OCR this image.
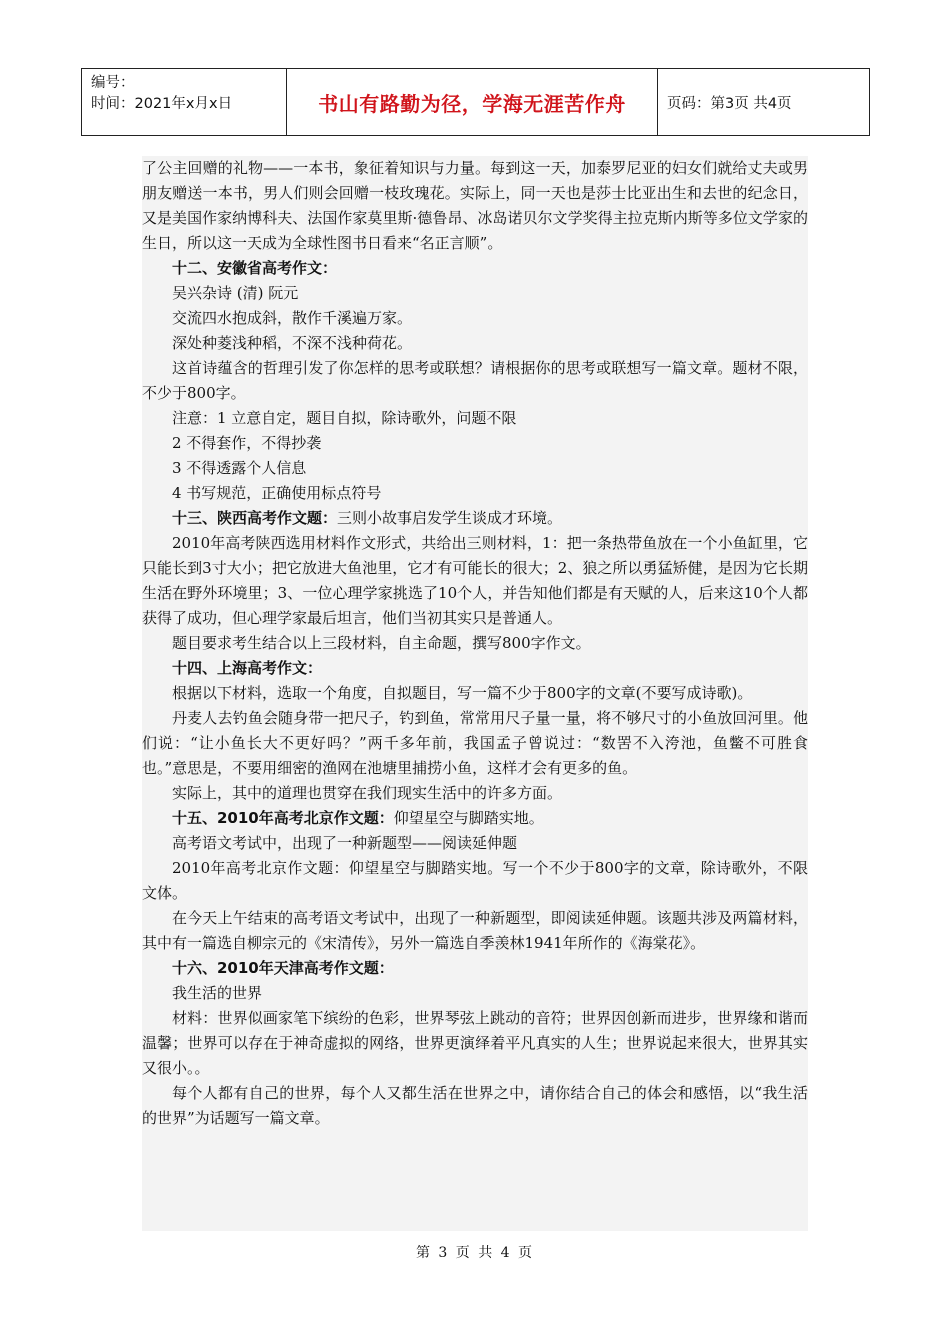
编号：
时间：2021年x月x日	书山有路勤为径，学海无涯苦作舟	页码：第3页 共4页

了公主回赠的礼物——一本书，象征着知识与力量。每到这一天，加泰罗尼亚的妇女们就给丈夫或男朋友赠送一本书，男人们则会回赠一枝玫瑰花。实际上，同一天也是莎士比亚出生和去世的纪念日，又是美国作家纳博科夫、法国作家莫里斯·德鲁昂、冰岛诺贝尔文学奖得主拉克斯内斯等多位文学家的生日，所以这一天成为全球性图书日看来“名正言顺”。

十二、安徽省高考作文：

吴兴杂诗 (清) 阮元

交流四水抱成斜，散作千溪遍万家。

深处种菱浅种稻，不深不浅种荷花。

这首诗蕴含的哲理引发了你怎样的思考或联想？请根据你的思考或联想写一篇文章。题材不限，不少于800字。

注意：1 立意自定，题目自拟，除诗歌外，问题不限

2 不得套作，不得抄袭

3 不得透露个人信息

4 书写规范，正确使用标点符号

十三、陕西高考作文题：三则小故事启发学生谈成才环境。

2010年高考陕西选用材料作文形式，共给出三则材料，1：把一条热带鱼放在一个小鱼缸里，它只能长到3寸大小；把它放进大鱼池里，它才有可能长的很大；2、狼之所以勇猛矫健，是因为它长期生活在野外环境里；3、一位心理学家挑选了10个人，并告知他们都是有天赋的人，后来这10个人都获得了成功，但心理学家最后坦言，他们当初其实只是普通人。

题目要求考生结合以上三段材料，自主命题，撰写800字作文。

十四、上海高考作文：

根据以下材料，选取一个角度，自拟题目，写一篇不少于800字的文章(不要写成诗歌)。

丹麦人去钓鱼会随身带一把尺子，钓到鱼，常常用尺子量一量，将不够尺寸的小鱼放回河里。他们说：“让小鱼长大不更好吗？”两千多年前，我国孟子曾说过：“数罟不入洿池，鱼鳖不可胜食也。”意思是，不要用细密的渔网在池塘里捕捞小鱼，这样才会有更多的鱼。

实际上，其中的道理也贯穿在我们现实生活中的许多方面。

十五、2010年高考北京作文题：仰望星空与脚踏实地。

高考语文考试中，出现了一种新题型——阅读延伸题

2010年高考北京作文题：仰望星空与脚踏实地。写一个不少于800字的文章，除诗歌外，不限文体。

在今天上午结束的高考语文考试中，出现了一种新题型，即阅读延伸题。该题共涉及两篇材料，其中有一篇选自柳宗元的《宋清传》，另外一篇选自季羡林1941年所作的《海棠花》。

十六、2010年天津高考作文题：

我生活的世界

材料：世界似画家笔下缤纷的色彩，世界琴弦上跳动的音符；世界因创新而进步，世界缘和谐而温馨；世界可以存在于神奇虚拟的网络，世界更演绎着平凡真实的人生；世界说起来很大，世界其实又很小。。

每个人都有自己的世界，每个人又都生活在世界之中，请你结合自己的体会和感悟，以“我生活的世界”为话题写一篇文章。

第 3 页 共 4 页
